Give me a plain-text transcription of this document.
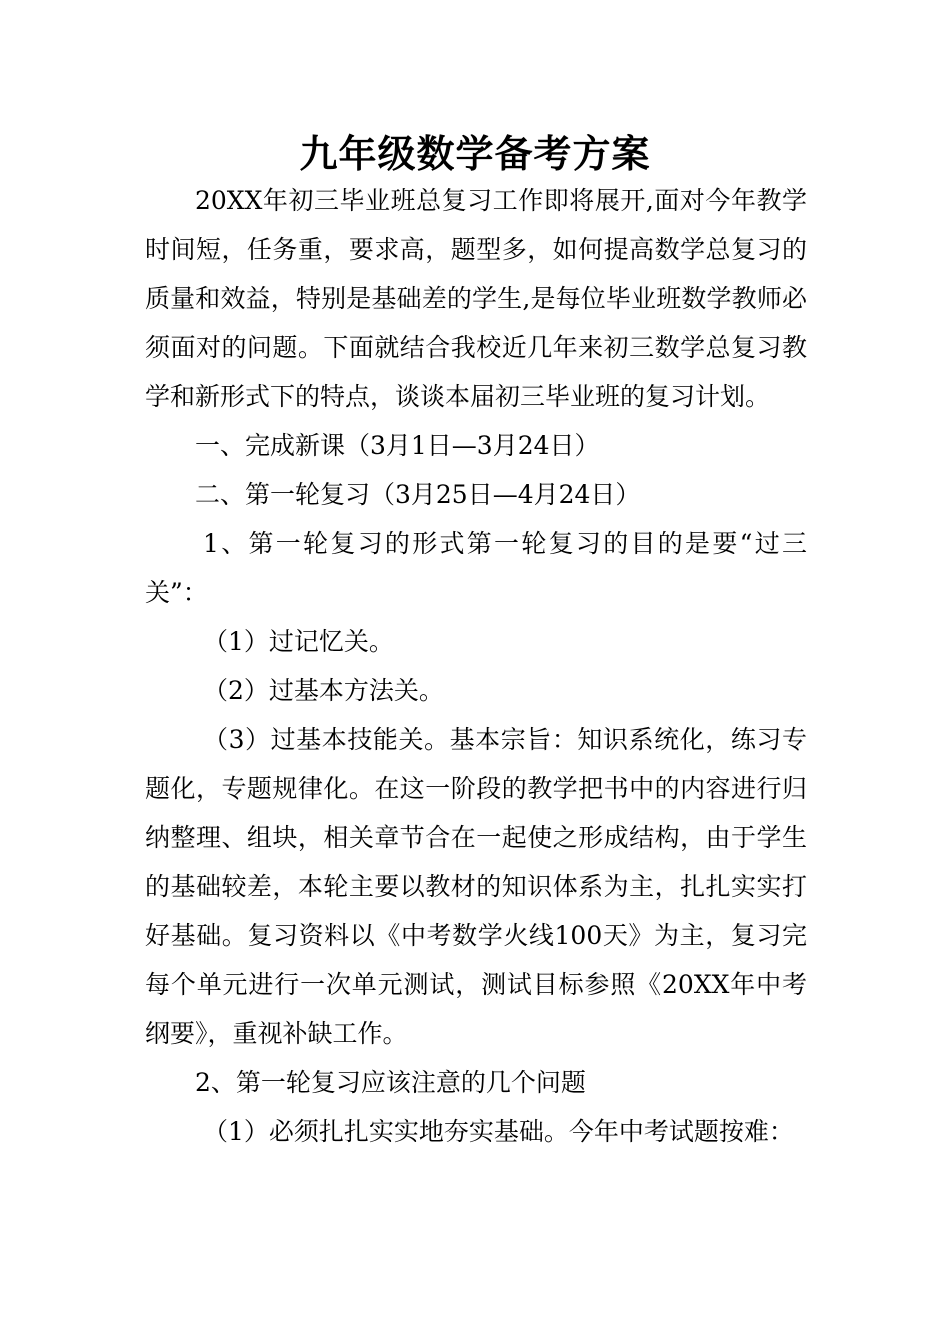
九年级数学备考方案

20XX年初三毕业班总复习工作即将展开,面对今年教学时间短，任务重，要求高，题型多，如何提高数学总复习的质量和效益，特别是基础差的学生,是每位毕业班数学教师必须面对的问题。下面就结合我校近几年来初三数学总复习教学和新形式下的特点，谈谈本届初三毕业班的复习计划。

一、完成新课（3月1日—3月24日）

二、第一轮复习（3月25日—4月24日）

1、第一轮复习的形式第一轮复习的目的是要“过三关”：

（1）过记忆关。

（2）过基本方法关。

（3）过基本技能关。基本宗旨：知识系统化，练习专题化，专题规律化。在这一阶段的教学把书中的内容进行归纳整理、组块，相关章节合在一起使之形成结构，由于学生的基础较差，本轮主要以教材的知识体系为主，扎扎实实打好基础。复习资料以《中考数学火线100天》为主，复习完每个单元进行一次单元测试，测试目标参照《20XX年中考纲要》，重视补缺工作。

2、第一轮复习应该注意的几个问题

（1）必须扎扎实实地夯实基础。今年中考试题按难：
